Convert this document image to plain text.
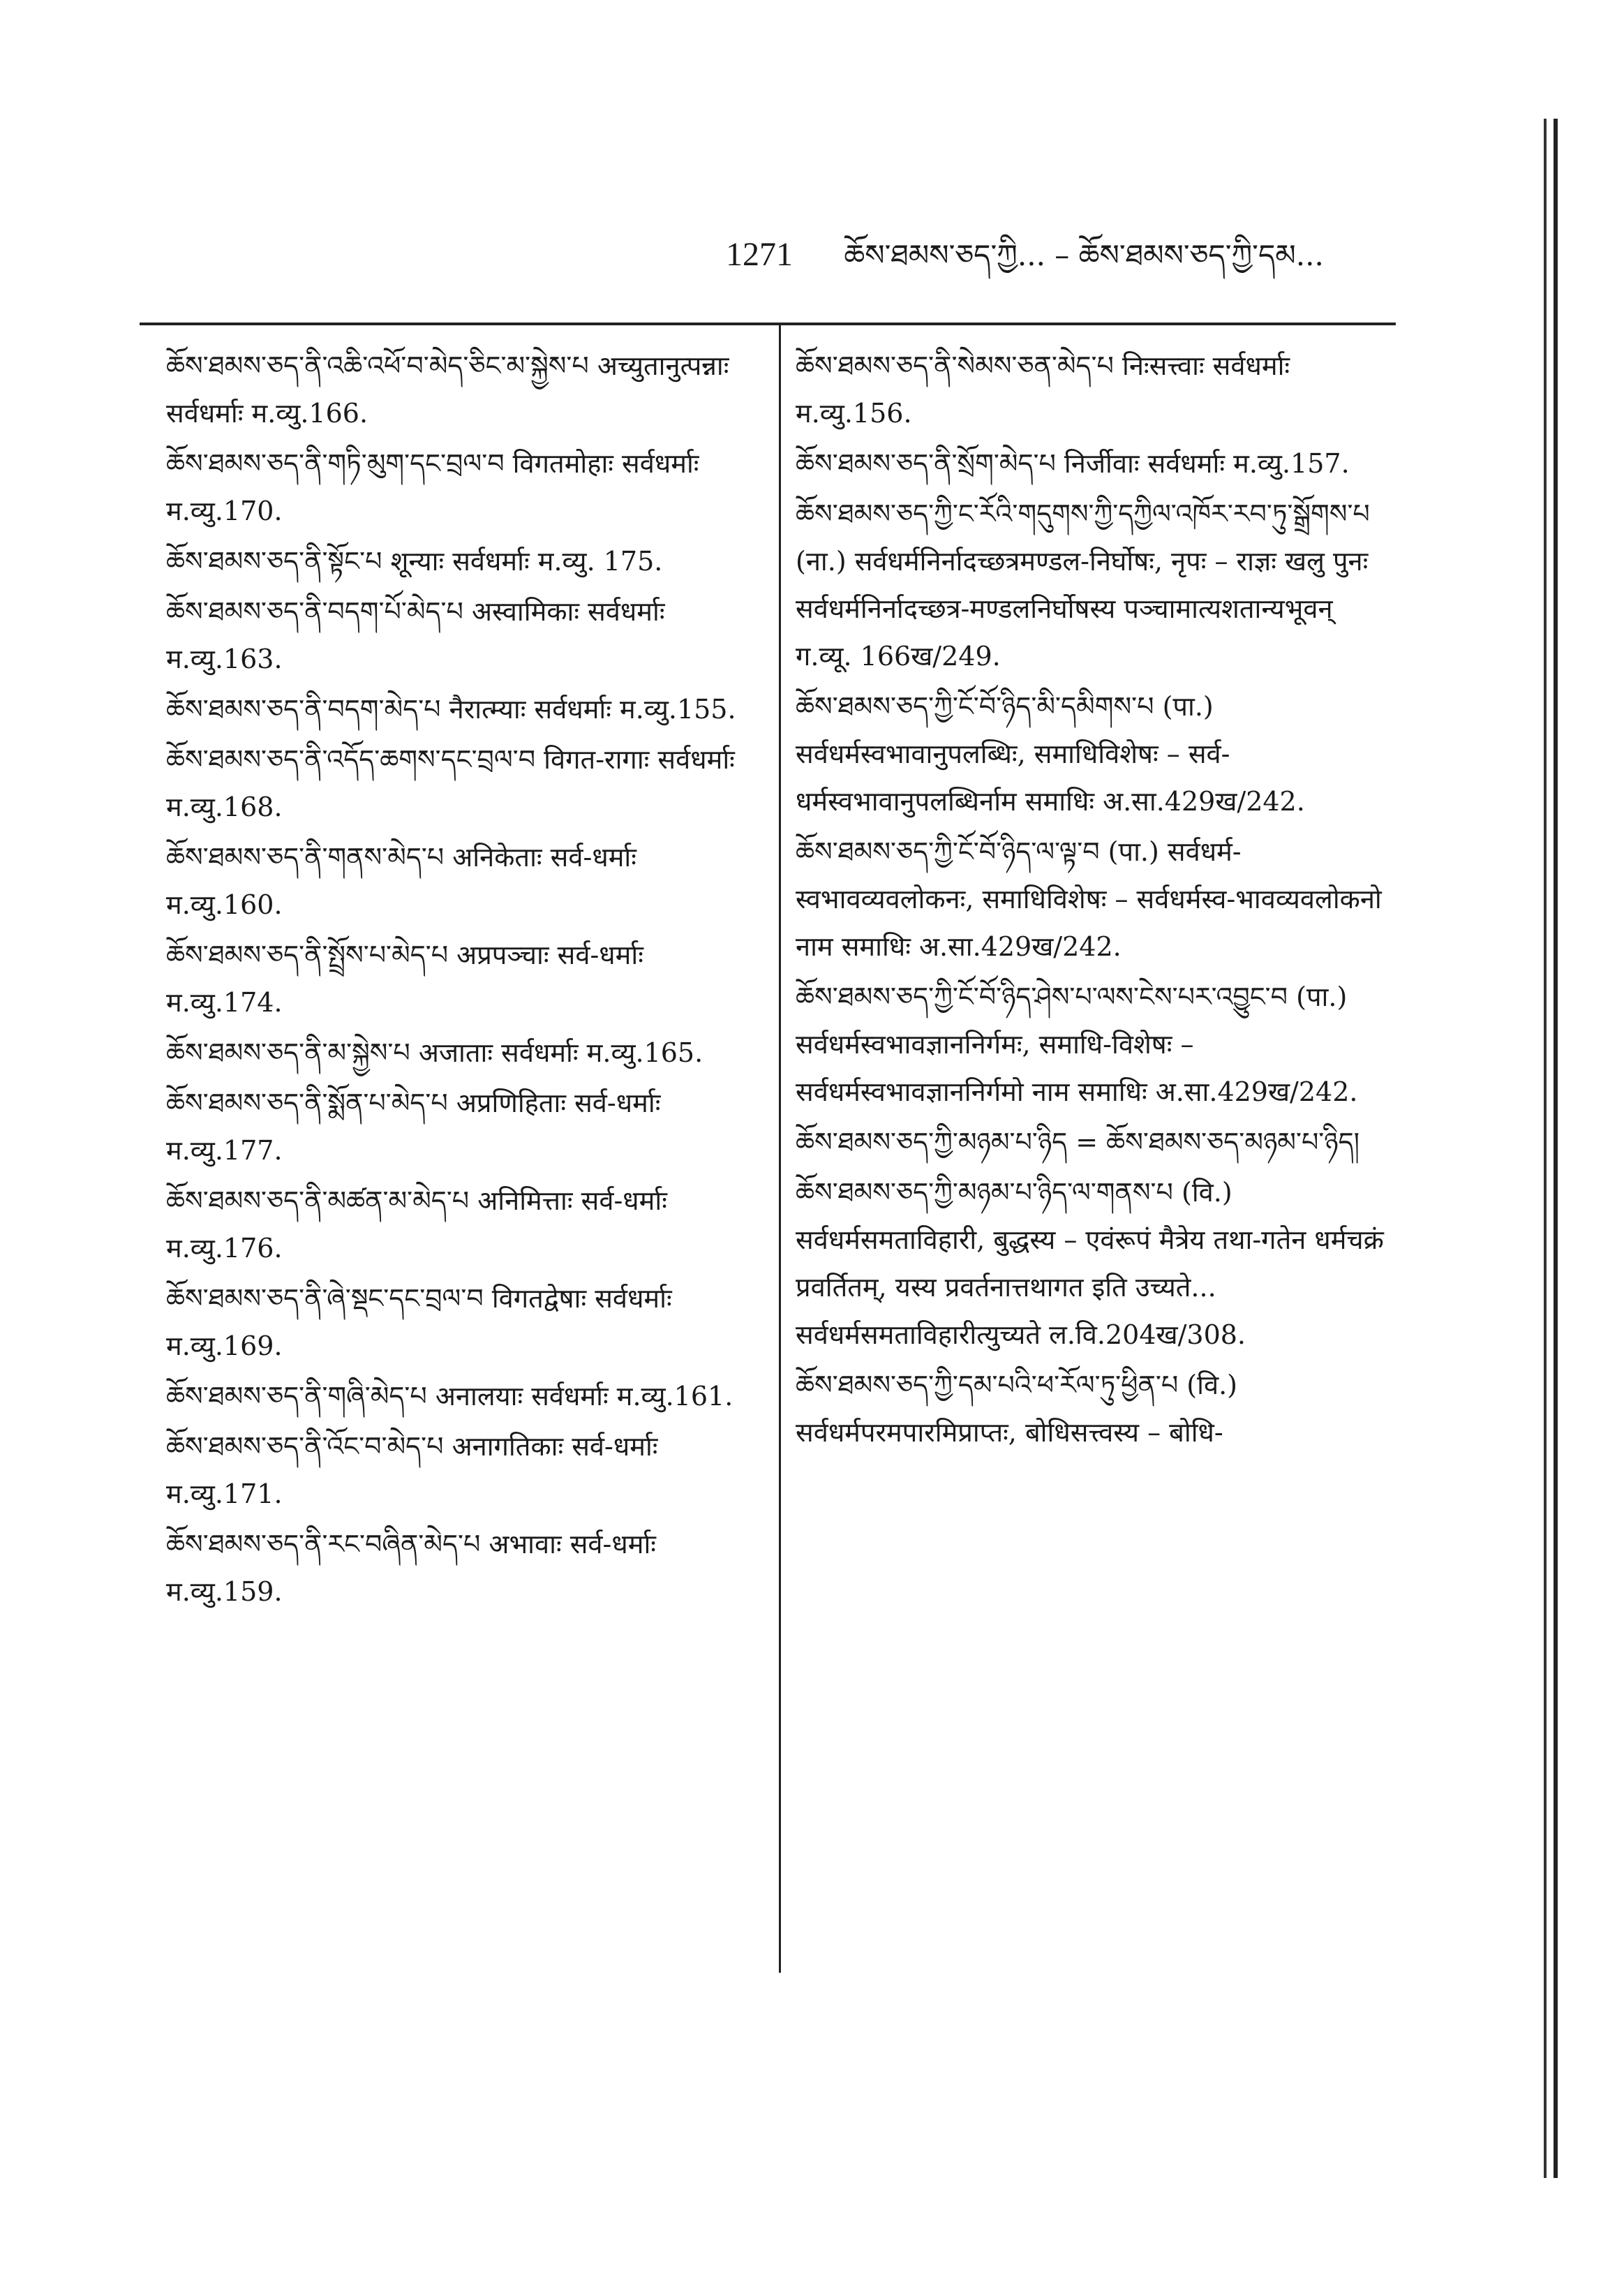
1271 ཆོས་ཐམས་ཅད་ཀྱི... – ཆོས་ཐམས་ཅད་ཀྱི་དམ...
ཆོས་ཐམས་ཅད་ནི་འཆི་འཕོ་བ་མེད་ཅིང་མ་སྐྱེས་པ अच्युतानुत्पन्नाः सर्वधर्माः म.व्यु.166.
ཆོས་ཐམས་ཅད་ནི་གཏི་མུག་དང་བྲལ་བ विगतमोहाः सर्वधर्माः म.व्यु.170.
ཆོས་ཐམས་ཅད་ནི་སྟོང་པ शून्याः सर्वधर्माः म.व्यु. 175.
ཆོས་ཐམས་ཅད་ནི་བདག་པོ་མེད་པ अस्वामिकाः सर्वधर्माः म.व्यु.163.
ཆོས་ཐམས་ཅད་ནི་བདག་མེད་པ नैरात्म्याः सर्वधर्माः म.व्यु.155.
ཆོས་ཐམས་ཅད་ནི་འདོད་ཆགས་དང་བྲལ་བ विगत-रागाः सर्वधर्माः म.व्यु.168.
ཆོས་ཐམས་ཅད་ནི་གནས་མེད་པ अनिकेताः सर्व-धर्माः म.व्यु.160.
ཆོས་ཐམས་ཅད་ནི་སྤྲོས་པ་མེད་པ अप्रपञ्चाः सर्व-धर्माः म.व्यु.174.
ཆོས་ཐམས་ཅད་ནི་མ་སྐྱེས་པ अजाताः सर्वधर्माः म.व्यु.165.
ཆོས་ཐམས་ཅད་ནི་སྨོན་པ་མེད་པ अप्रणिहिताः सर्व-धर्माः म.व्यु.177.
ཆོས་ཐམས་ཅད་ནི་མཚན་མ་མེད་པ अनिमित्ताः सर्व-धर्माः म.व्यु.176.
ཆོས་ཐམས་ཅད་ནི་ཞེ་སྡང་དང་བྲལ་བ विगतद्वेषाः सर्वधर्माः म.व्यु.169.
ཆོས་ཐམས་ཅད་ནི་གཞི་མེད་པ अनालयाः सर्वधर्माः म.व्यु.161.
ཆོས་ཐམས་ཅད་ནི་འོང་བ་མེད་པ अनागतिकाः सर्व-धर्माः म.व्यु.171.
ཆོས་ཐམས་ཅད་ནི་རང་བཞིན་མེད་པ अभावाः सर्व-धर्माः म.व्यु.159.
ཆོས་ཐམས་ཅད་ནི་སེམས་ཅན་མེད་པ निःसत्त्वाः सर्वधर्माः म.व्यु.156.
ཆོས་ཐམས་ཅད་ནི་སྲོག་མེད་པ निर्जीवाः सर्वधर्माः म.व्यु.157.
ཆོས་ཐམས་ཅད་ཀྱི་ང་རོའི་གདུགས་ཀྱི་དཀྱིལ་འཁོར་རབ་ཏུ་སྒྲོགས་པ (ना.) सर्वधर्मनिर्नादच्छत्रमण्डल-निर्घोषः, नृपः – राज्ञः खलु पुनः सर्वधर्मनिर्नादच्छत्र-मण्डलनिर्घोषस्य पञ्चामात्यशतान्यभूवन् ग.व्यू. 166ख/249.
ཆོས་ཐམས་ཅད་ཀྱི་ངོ་བོ་ཉིད་མི་དམིགས་པ (पा.) सर्वधर्मस्वभावानुपलब्धिः, समाधिविशेषः – सर्व-धर्मस्वभावानुपलब्धिर्नाम समाधिः अ.सा.429ख/242.
ཆོས་ཐམས་ཅད་ཀྱི་ངོ་བོ་ཉིད་ལ་ལྟ་བ (पा.) सर्वधर्म-स्वभावव्यवलोकनः, समाधिविशेषः – सर्वधर्मस्व-भावव्यवलोकनो नाम समाधिः अ.सा.429ख/242.
ཆོས་ཐམས་ཅད་ཀྱི་ངོ་བོ་ཉིད་ཤེས་པ་ལས་ངེས་པར་འབྱུང་བ (पा.) सर्वधर्मस्वभावज्ञाननिर्गमः, समाधि-विशेषः – सर्वधर्मस्वभावज्ञाननिर्गमो नाम समाधिः अ.सा.429ख/242.
ཆོས་ཐམས་ཅད་ཀྱི་མཉམ་པ་ཉིད = ཆོས་ཐམས་ཅད་མཉམ་པ་ཉིད།
ཆོས་ཐམས་ཅད་ཀྱི་མཉམ་པ་ཉིད་ལ་གནས་པ (वि.) सर्वधर्मसमताविहारी, बुद्धस्य – एवंरूपं मैत्रेय तथा-गतेन धर्मचक्रं प्रवर्तितम्, यस्य प्रवर्तनात्तथागत इति उच्यते... सर्वधर्मसमताविहारीत्युच्यते ल.वि.204ख/308.
ཆོས་ཐམས་ཅད་ཀྱི་དམ་པའི་ཕ་རོལ་ཏུ་ཕྱིན་པ (वि.) सर्वधर्मपरमपारमिप्राप्तः, बोधिसत्त्वस्य – बोधि-
